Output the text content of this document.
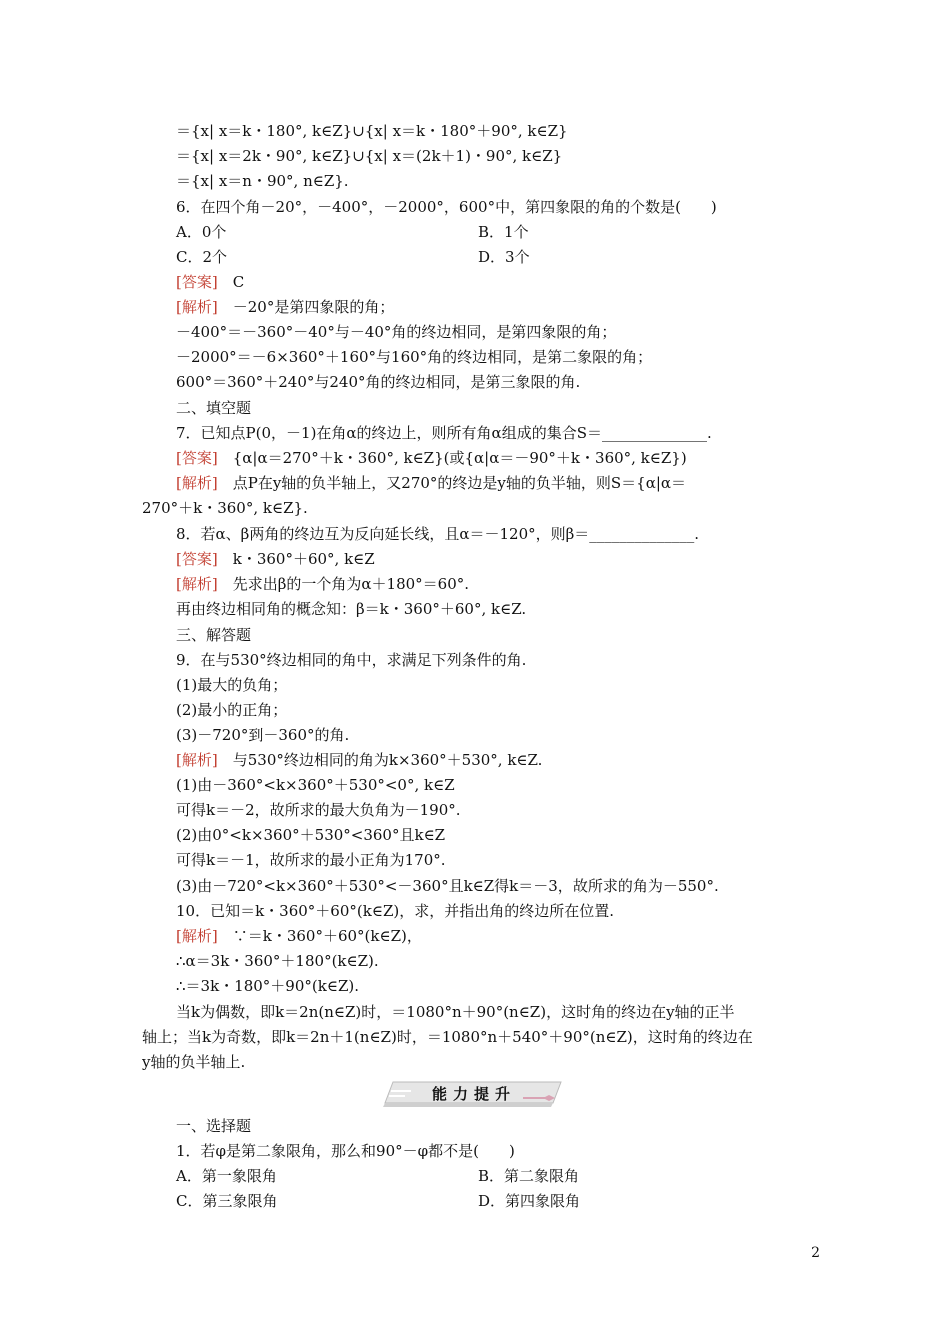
＝{x| x＝k・180°, k∈Z}∪{x| x＝k・180°＋90°, k∈Z}
＝{x| x＝2k・90°, k∈Z}∪{x| x＝(2k＋1)・90°, k∈Z}
＝{x| x＝n・90°, n∈Z}.
6．在四个角－20°，－400°，－2000°，600°中，第四象限的角的个数是(　　)
A．0个	B．1个
C．2个	D．3个
[答案]　 C
[解析]　 －20°是第四象限的角；
－400°＝－360°－40°与－40°角的终边相同，是第四象限的角；
－2000°＝－6×360°＋160°与160°角的终边相同，是第二象限的角；
600°＝360°＋240°与240°角的终边相同，是第三象限的角.
二、填空题
7．已知点P(0，－1)在角α的终边上，则所有角α组成的集合S＝______________.
[答案]　 {α|α＝270°＋k・360°, k∈Z}(或{α|α＝－90°＋k・360°, k∈Z})
[解析]　 点P在y轴的负半轴上，又270°的终边是y轴的负半轴，则S＝{α|α＝
270°＋k・360°, k∈Z}.
8．若α、β两角的终边互为反向延长线，且α＝－120°，则β＝______________.
[答案]　 k・360°＋60°, k∈Z
[解析]　 先求出β的一个角为α＋180°＝60°.
再由终边相同角的概念知：β＝k・360°＋60°, k∈Z.
三、解答题
9．在与530°终边相同的角中，求满足下列条件的角.
(1)最大的负角；
(2)最小的正角；
(3)－720°到－360°的角.
[解析]　 与530°终边相同的角为k×360°＋530°, k∈Z.
(1)由－360°<k×360°＋530°<0°, k∈Z
可得k＝－2，故所求的最大负角为－190°.
(2)由0°<k×360°＋530°<360°且k∈Z
可得k＝－1，故所求的最小正角为170°.
(3)由－720°<k×360°＋530°<－360°且k∈Z得k＝－3，故所求的角为－550°.
10．已知＝k・360°＋60°(k∈Z)，求，并指出角的终边所在位置.
[解析]　 ∵＝k・360°＋60°(k∈Z)，
∴α＝3k・360°＋180°(k∈Z).
∴＝3k・180°＋90°(k∈Z).
当k为偶数，即k＝2n(n∈Z)时，＝1080°n＋90°(n∈Z)，这时角的终边在y轴的正半
轴上；当k为奇数，即k＝2n＋1(n∈Z)时，＝1080°n＋540°＋90°(n∈Z)，这时角的终边在
y轴的负半轴上.
能力提升
一、选择题
1．若φ是第二象限角，那么和90°－φ都不是(　　)
A．第一象限角	B．第二象限角
C．第三象限角	D．第四象限角
2
